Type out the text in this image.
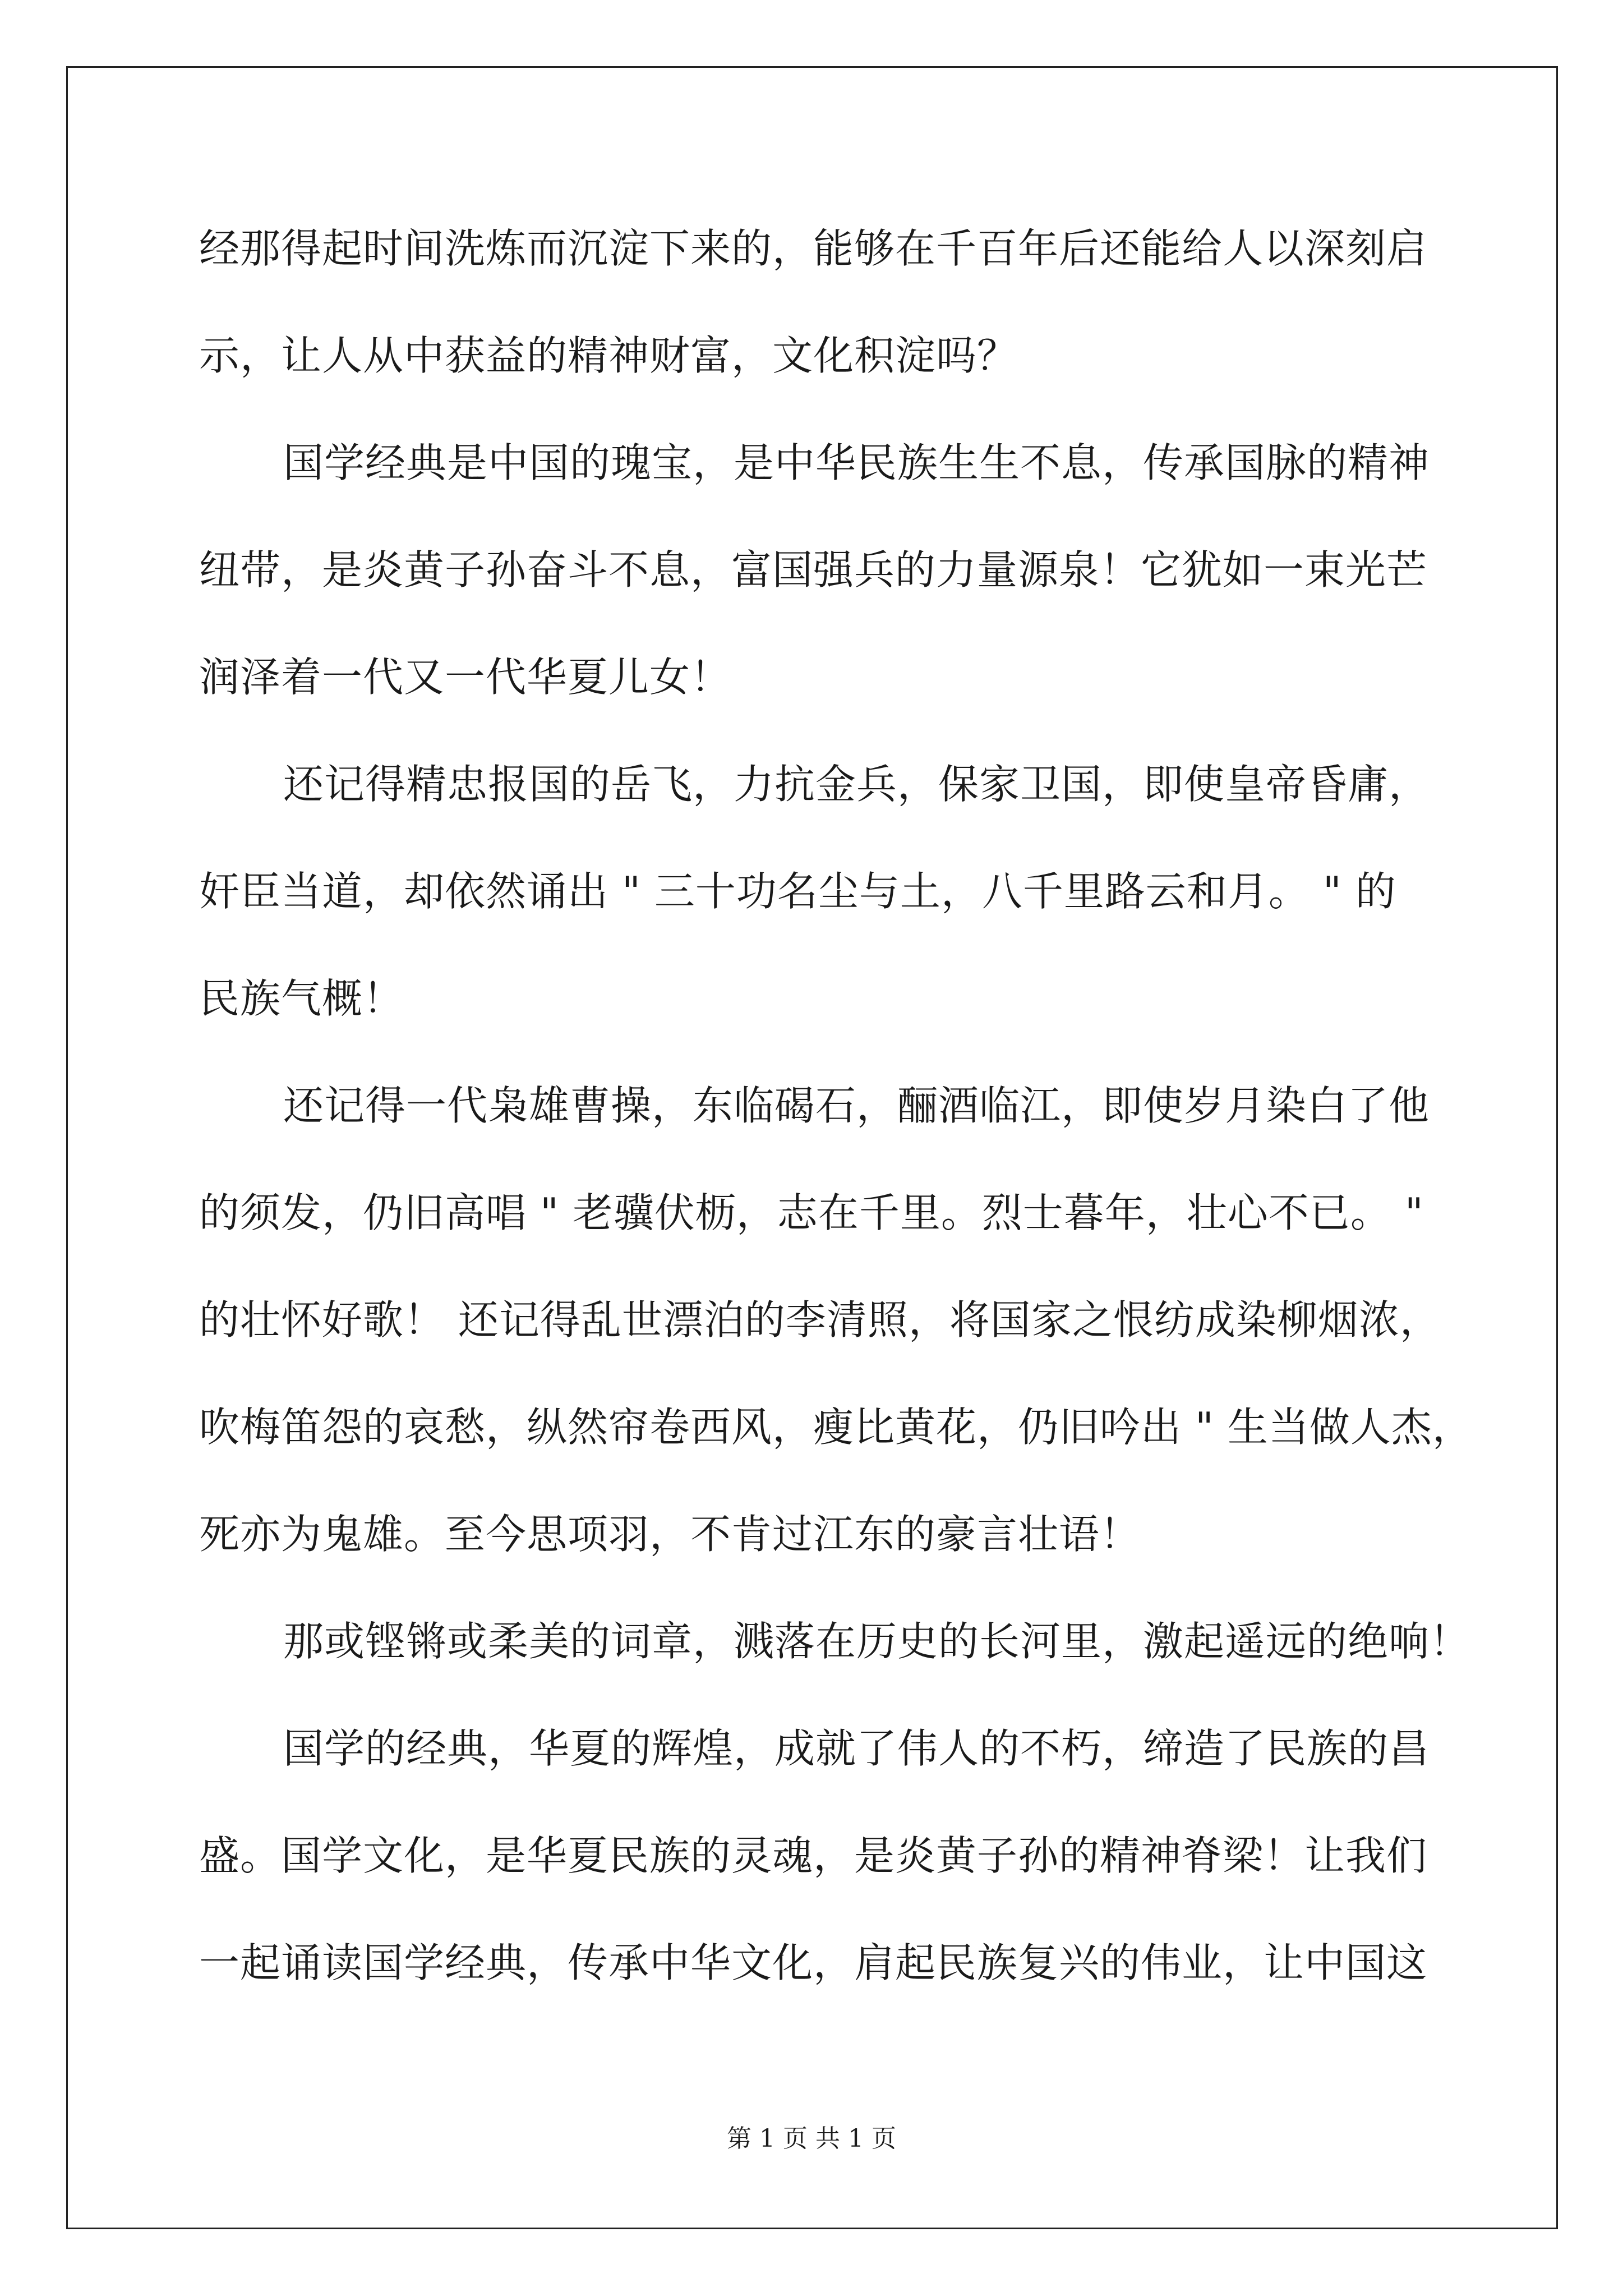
经那得起时间洗炼而沉淀下来的，能够在千百年后还能给人以深刻启
示，让人从中获益的精神财富，文化积淀吗？
国学经典是中国的瑰宝，是中华民族生生不息，传承国脉的精神
纽带，是炎黄子孙奋斗不息，富国强兵的力量源泉！它犹如一束光芒
润泽着一代又一代华夏儿女！
还记得精忠报国的岳飞，力抗金兵，保家卫国，即使皇帝昏庸，
奸臣当道，却依然诵出 " 三十功名尘与土，八千里路云和月。 " 的
民族气概！
还记得一代枭雄曹操，东临碣石，酾酒临江，即使岁月染白了他
的须发，仍旧高唱 " 老骥伏枥，志在千里。烈士暮年，壮心不已。 "
的壮怀好歌！ 还记得乱世漂泊的李清照，将国家之恨纺成染柳烟浓，
吹梅笛怨的哀愁，纵然帘卷西风，瘦比黄花，仍旧吟出 " 生当做人杰，
死亦为鬼雄。至今思项羽，不肯过江东的豪言壮语！
那或铿锵或柔美的词章，溅落在历史的长河里，激起遥远的绝响！
国学的经典，华夏的辉煌，成就了伟人的不朽，缔造了民族的昌
盛。国学文化，是华夏民族的灵魂，是炎黄子孙的精神脊梁！让我们
一起诵读国学经典，传承中华文化，肩起民族复兴的伟业，让中国这
第 1 页 共 1 页
